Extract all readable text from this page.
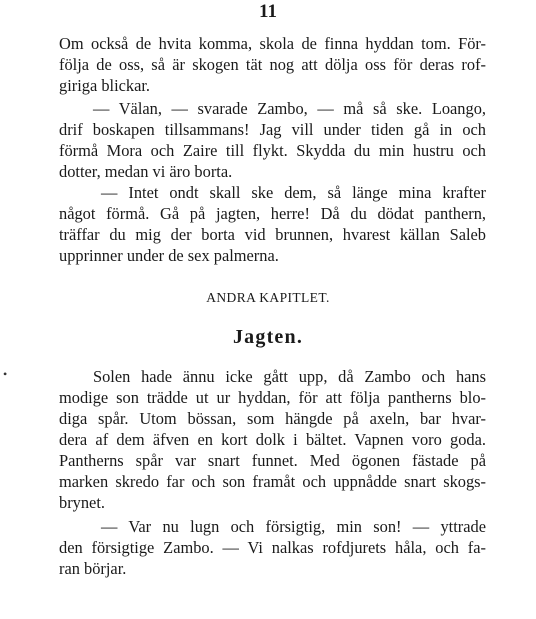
11
Om också de hvita komma, skola de finna hyddan tom. För-
följa de oss, så är skogen tät nog att dölja oss för deras rof-
giriga blickar.
— Välan, — svarade Zambo, — må så ske. Loango,
drif boskapen tillsammans! Jag vill under tiden gå in och
förmå Mora och Zaire till flykt. Skydda du min hustru och
dotter, medan vi äro borta.
— Intet ondt skall ske dem, så länge mina krafter
något förmå. Gå på jagten, herre! Då du dödat panthern,
träffar du mig der borta vid brunnen, hvarest källan Saleb
upprinner under de sex palmerna.
ANDRA KAPITLET.
Jagten.
•	Solen hade ännu icke gått upp, då Zambo och hans
modige son trädde ut ur hyddan, för att följa pantherns blo-
diga spår. Utom bössan, som hängde på axeln, bar hvar-
dera af dem äfven en kort dolk i bältet. Vapnen voro goda.
Pantherns spår var snart funnet. Med ögonen fästade på
marken skredo far och son framåt och uppnådde snart skogs-
brynet.
— Var nu lugn och försigtig, min son! — yttrade
den försigtige Zambo. — Vi nalkas rofdjurets håla, och fa-
ran börjar.
